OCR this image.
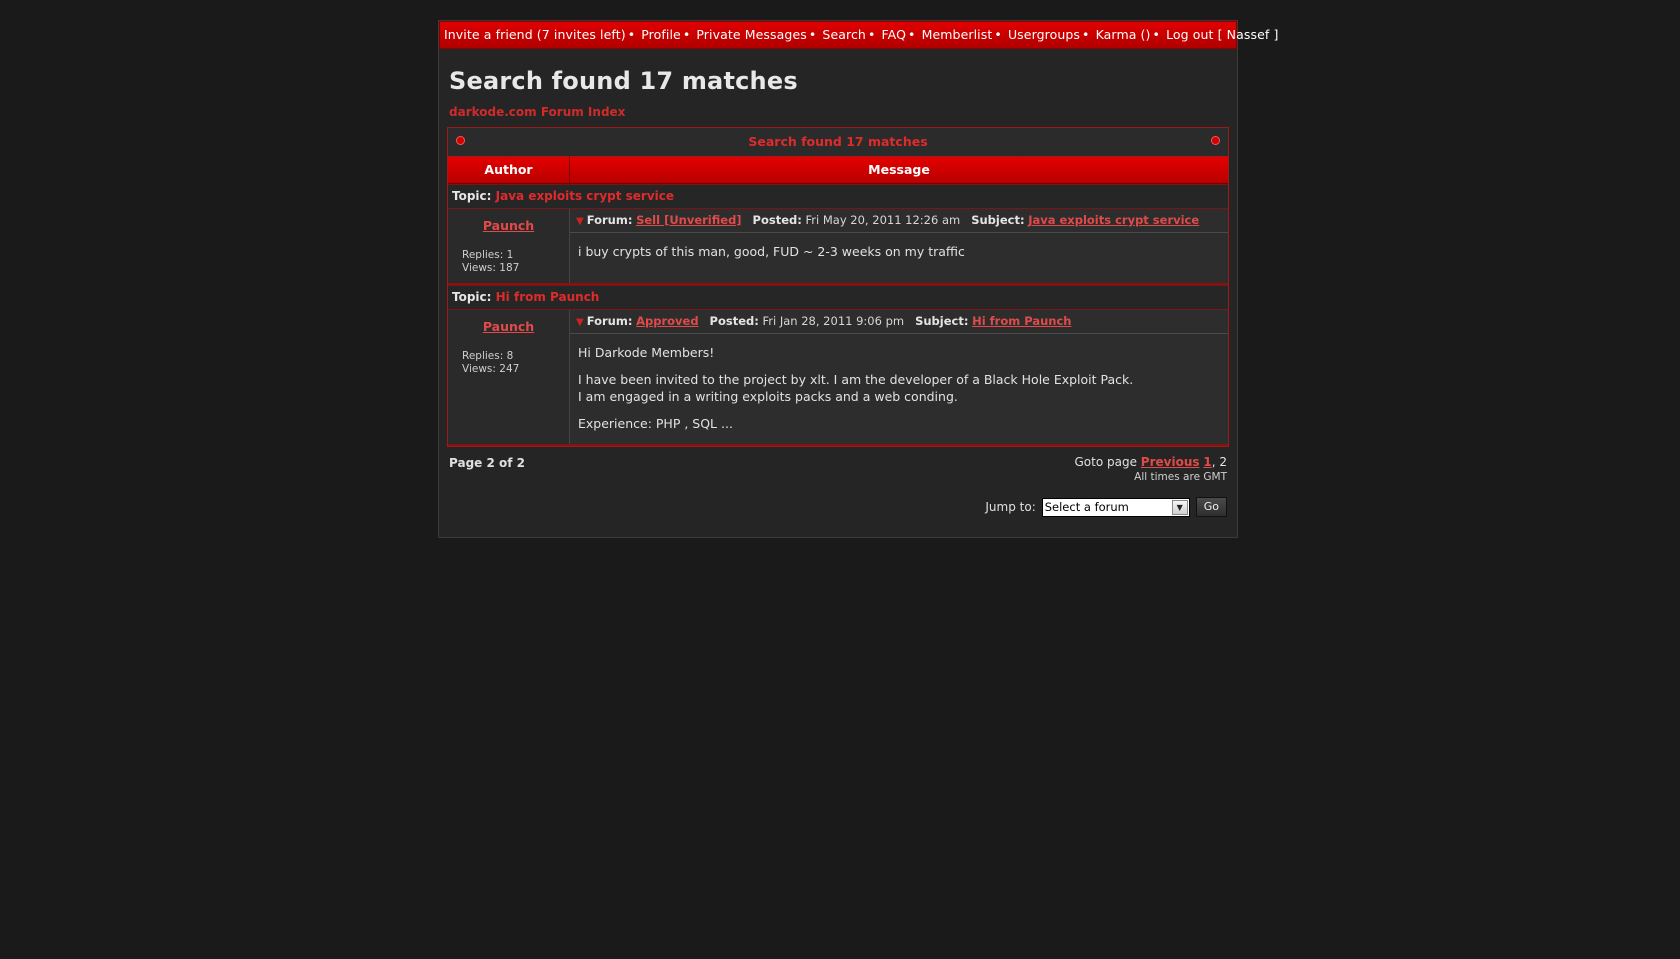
Invite a friend (7 invites left) • Profile • Private Messages • Search • FAQ • Memberlist • Usergroups • Karma () • Log out [ Nassef ]
Search found 17 matches
darkode.com Forum Index
Search found 17 matches
Author	Message
Topic: Java exploits crypt service
Paunch
Replies: 1
Views: 187
▼ Forum: Sell [Unverified] Posted: Fri May 20, 2011 12:26 am Subject: Java exploits crypt service

i buy crypts of this man, good, FUD ~ 2-3 weeks on my traffic

Topic: Hi from Paunch
Paunch
Replies: 8
Views: 247
▼ Forum: Approved Posted: Fri Jan 28, 2011 9:06 pm Subject: Hi from Paunch

Hi Darkode Members!

I have been invited to the project by xlt. I am the developer of a Black Hole Exploit Pack.

I am engaged in a writing exploits packs and a web conding.

Experience: PHP , SQL ...

Page 2 of 2	Goto page Previous 1, 2
All times are GMT
Jump to: Select a forum	▼	Go
